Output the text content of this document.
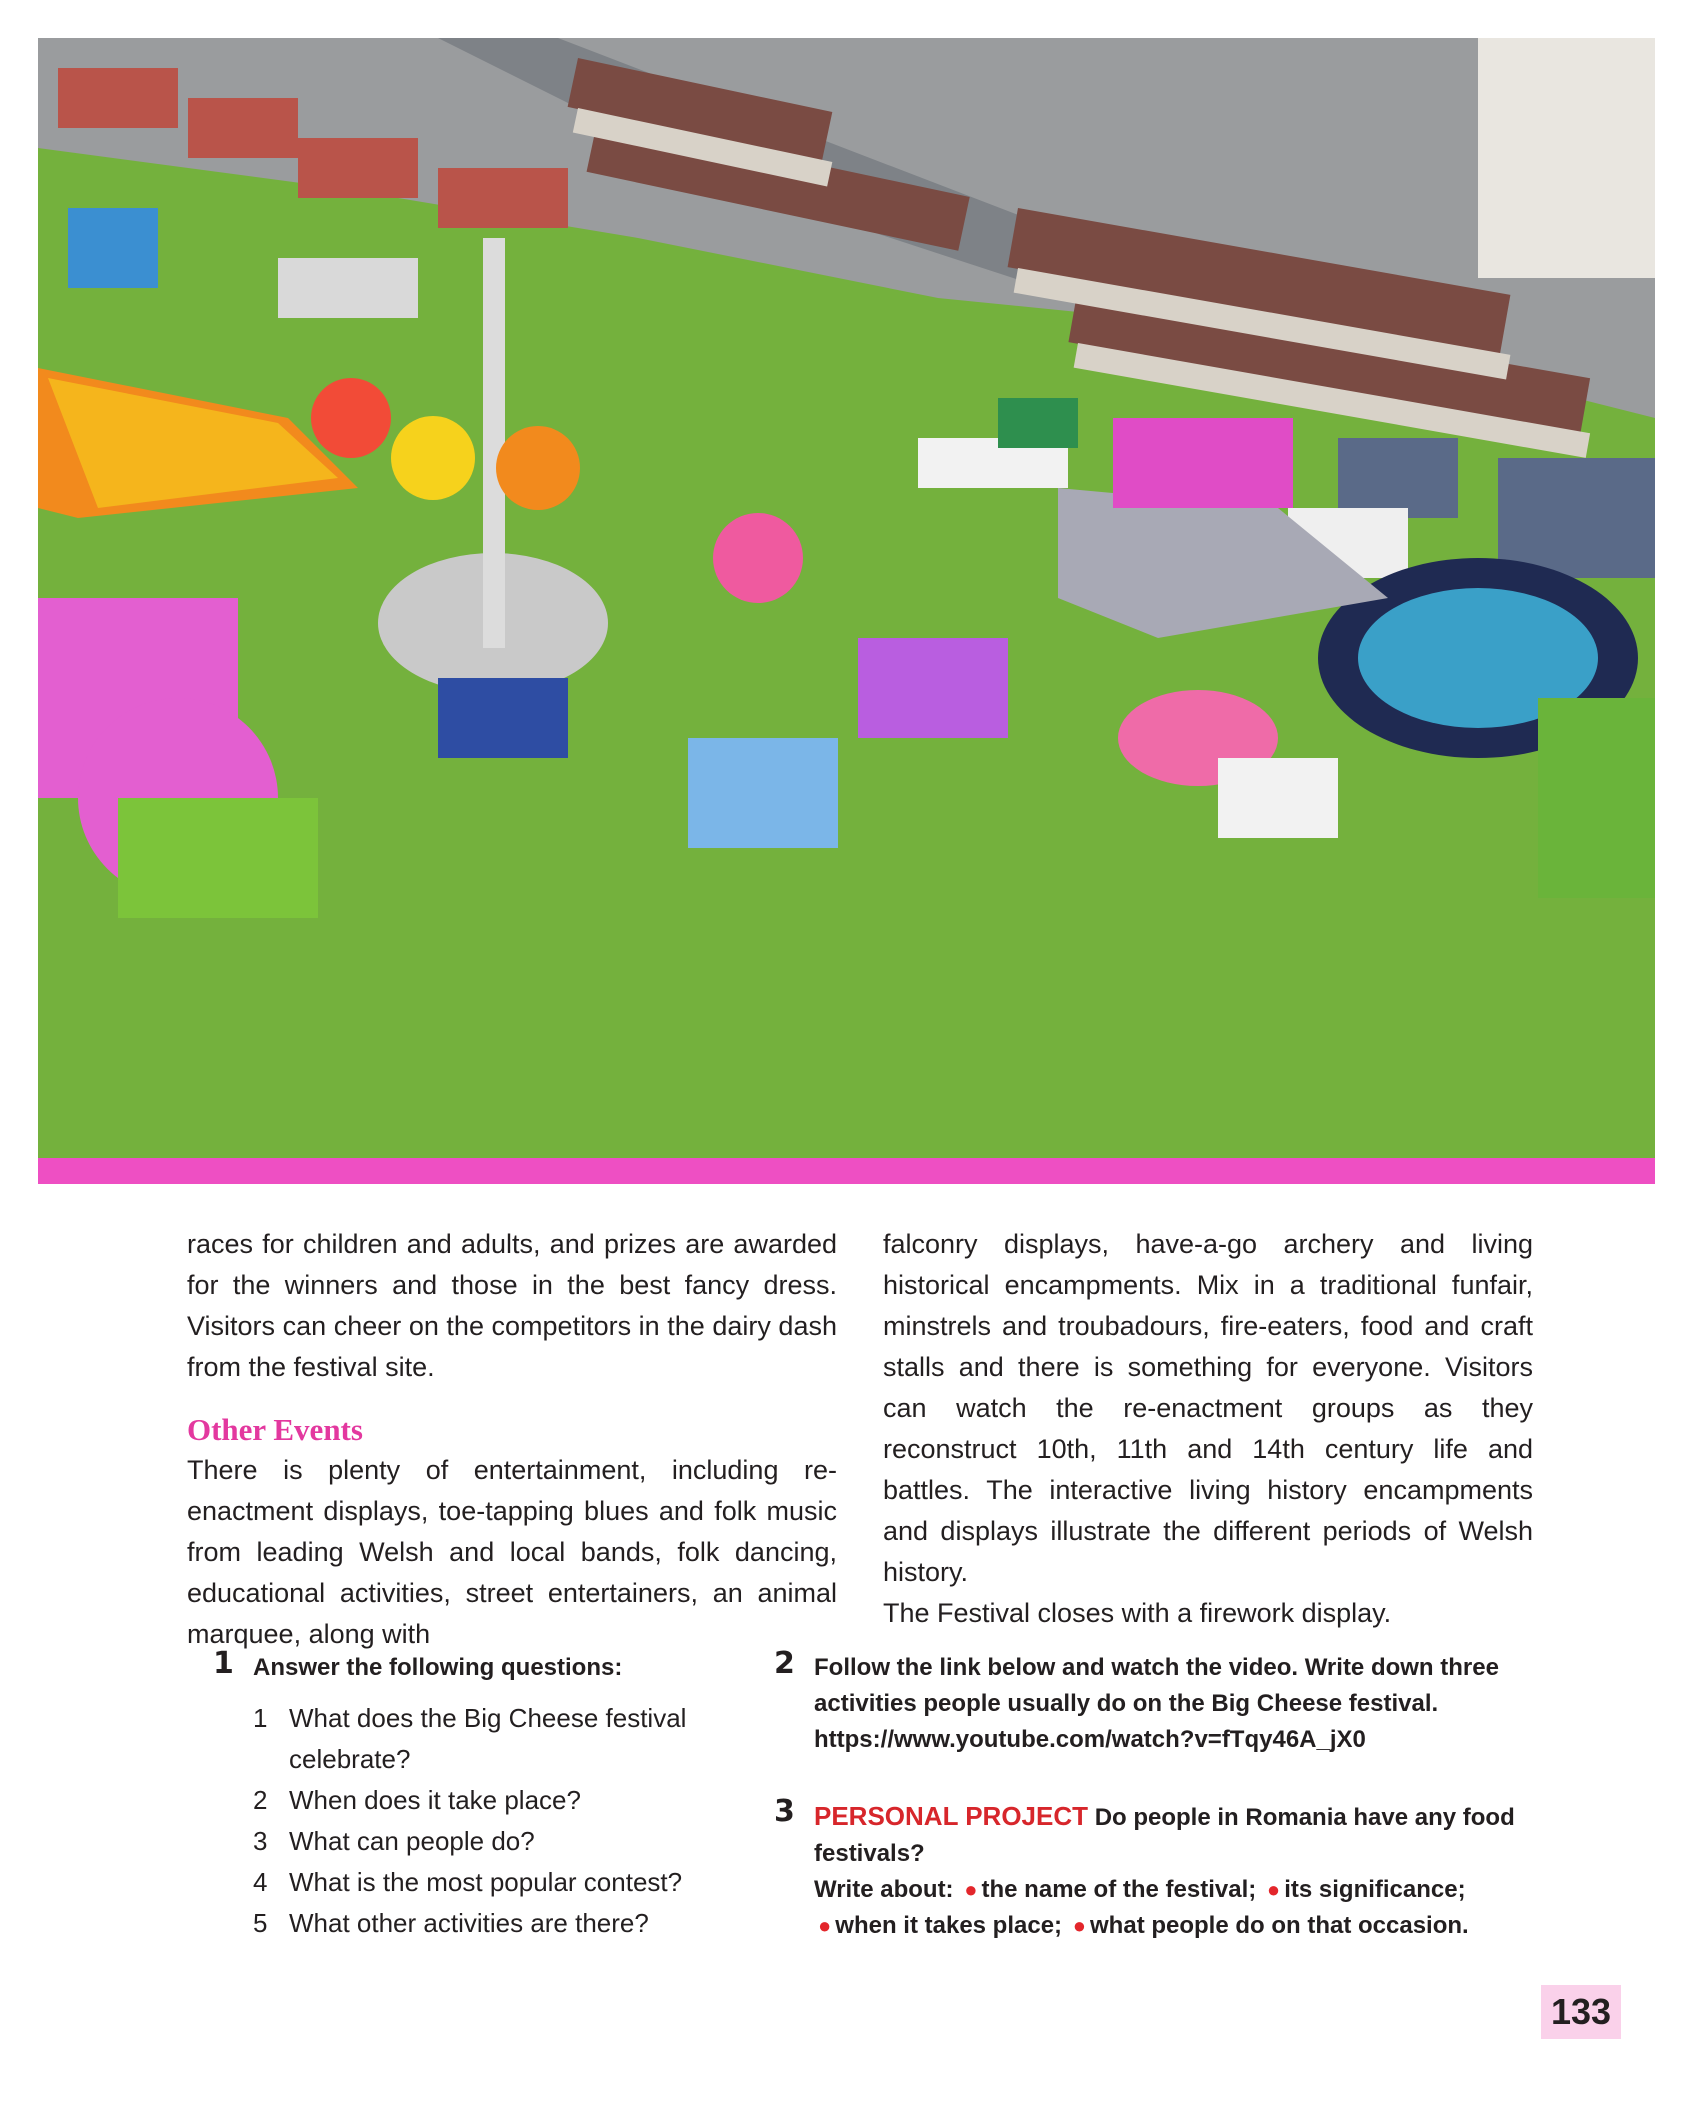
races for children and adults, and prizes are awarded for the winners and those in the best fancy dress. Visitors can cheer on the competitors in the dairy dash from the festival site.

Other Events

There is plenty of entertainment, including re-enactment displays, toe-tapping blues and folk music from leading Welsh and local bands, folk dancing, educational activities, street entertainers, an animal marquee, along with

falconry displays, have-a-go archery and living historical encampments. Mix in a traditional funfair, minstrels and troubadours, fire-eaters, food and craft stalls and there is something for everyone. Visitors can watch the re-enactment groups as they reconstruct 10th, 11th and 14th century life and battles. The interactive living history encampments and displays illustrate the different periods of Welsh history.

The Festival closes with a firework display.

1 Answer the following questions:
1 What does the Big Cheese festival celebrate?
2 When does it take place?
3 What can people do?
4 What is the most popular contest?
5 What other activities are there?
2 Follow the link below and watch the video. Write down three activities people usually do on the Big Cheese festival.
https://www.youtube.com/watch?v=fTqy46A_jX0
3 PERSONAL PROJECT Do people in Romania have any food festivals?
Write about: ● the name of the festival; ● its significance;
● when it takes place; ● what people do on that occasion.
133
